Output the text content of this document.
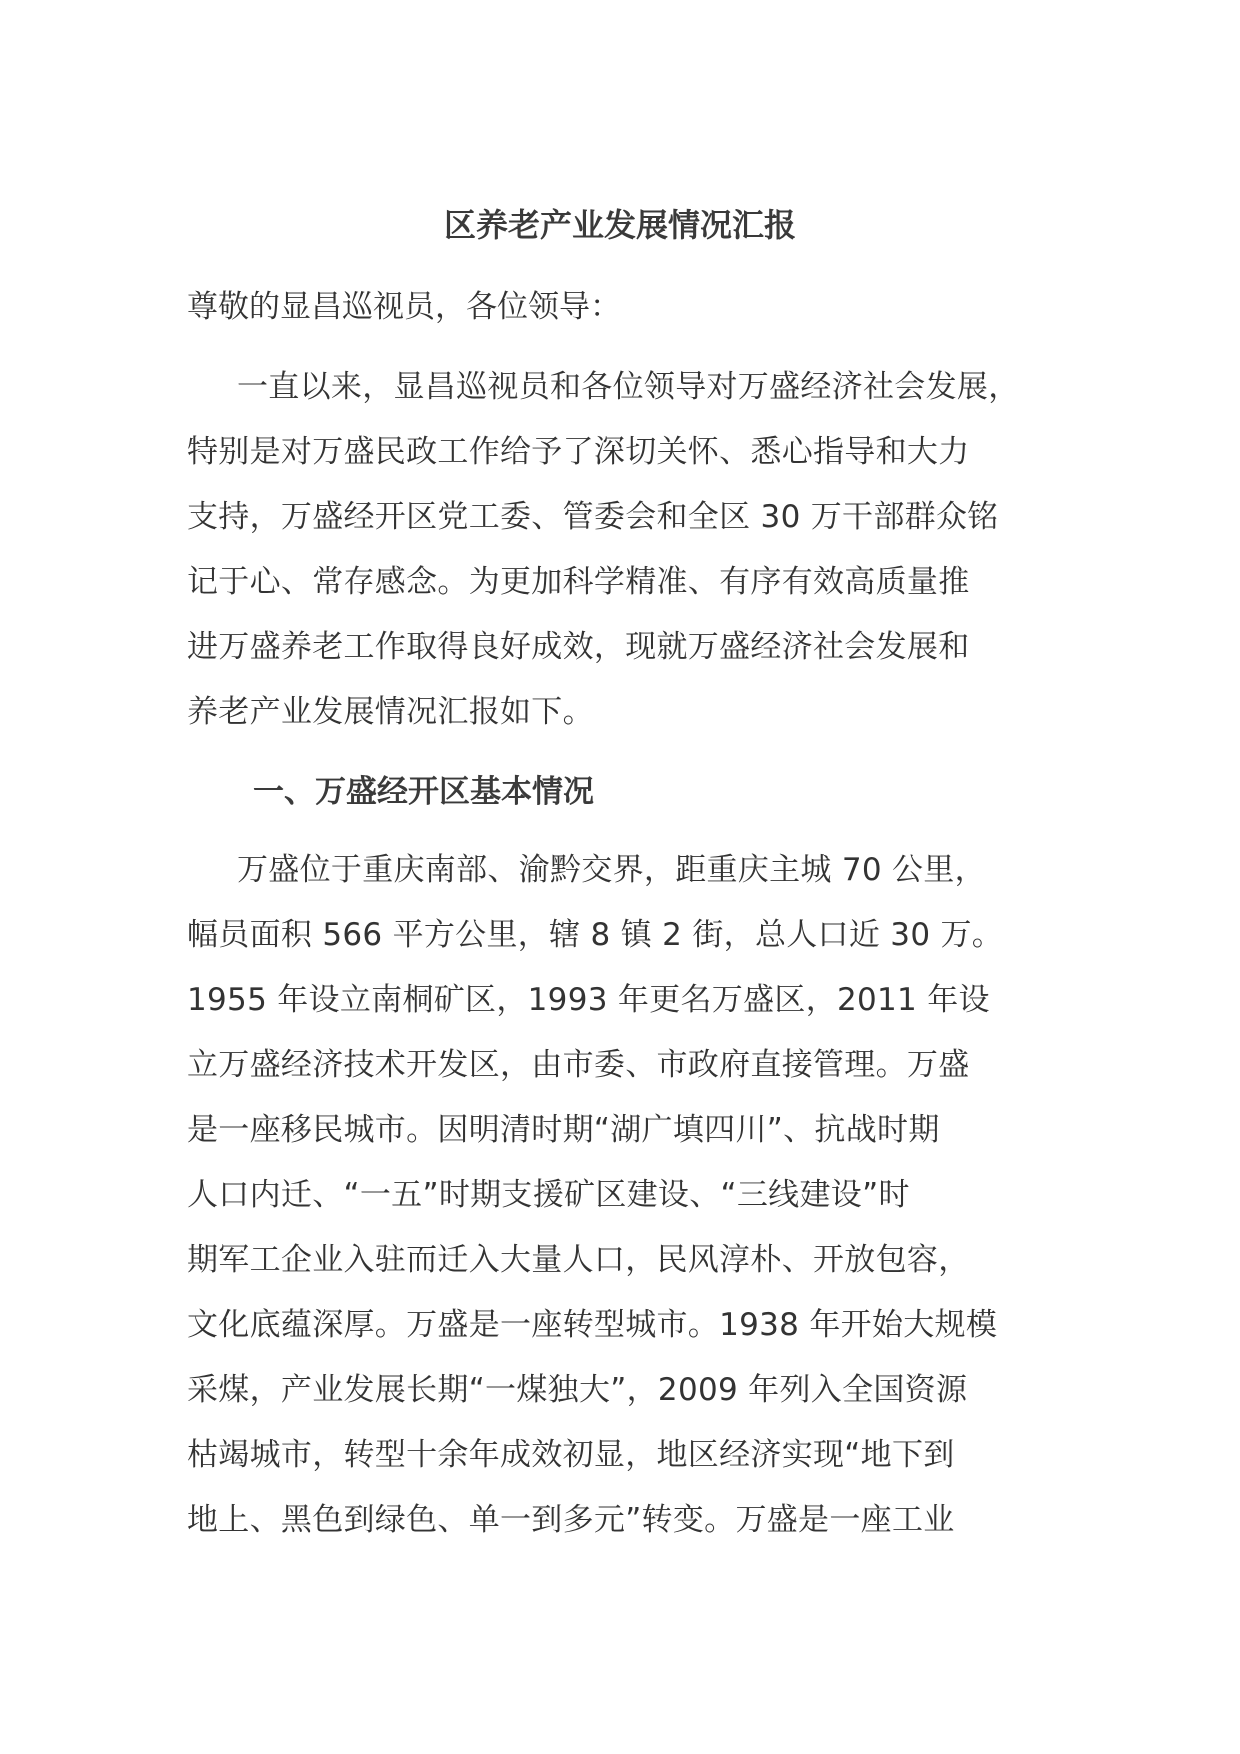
区养老产业发展情况汇报
尊敬的显昌巡视员，各位领导：
一直以来，显昌巡视员和各位领导对万盛经济社会发展，
特别是对万盛民政工作给予了深切关怀、悉心指导和大力
支持，万盛经开区党工委、管委会和全区 30 万干部群众铭
记于心、常存感念。为更加科学精准、有序有效高质量推
进万盛养老工作取得良好成效，现就万盛经济社会发展和
养老产业发展情况汇报如下。
一、万盛经开区基本情况
万盛位于重庆南部、渝黔交界，距重庆主城 70 公里，
幅员面积 566 平方公里，辖 8 镇 2 街，总人口近 30 万。
1955 年设立南桐矿区，1993 年更名万盛区，2011 年设
立万盛经济技术开发区，由市委、市政府直接管理。万盛
是一座移民城市。因明清时期“湖广填四川”、抗战时期
人口内迁、“一五”时期支援矿区建设、“三线建设”时
期军工企业入驻而迁入大量人口，民风淳朴、开放包容，
文化底蕴深厚。万盛是一座转型城市。1938 年开始大规模
采煤，产业发展长期“一煤独大”，2009 年列入全国资源
枯竭城市，转型十余年成效初显，地区经济实现“地下到
地上、黑色到绿色、单一到多元”转变。万盛是一座工业
